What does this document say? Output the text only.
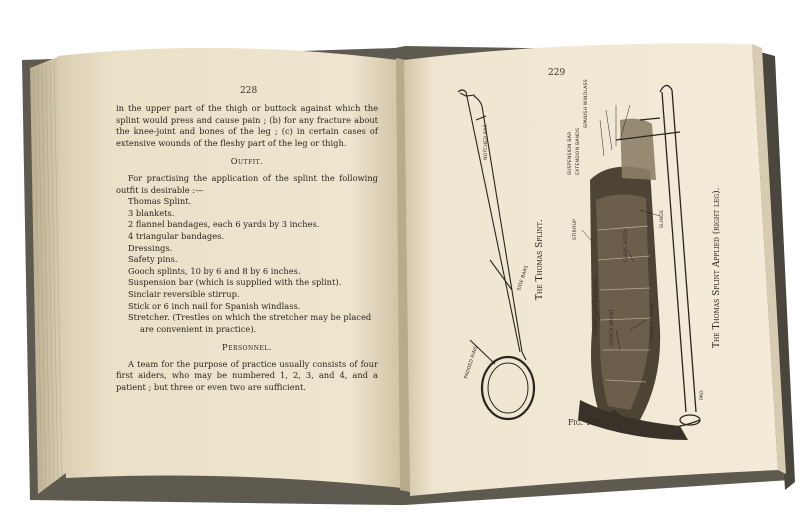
228

in the upper part of the thigh or buttock against which the splint would press and cause pain ; (b) for any fracture about the knee-joint and bones of the leg ; (c) in certain cases of extensive wounds of the fleshy part of the leg or thigh.

Outfit.

For practising the application of the splint the following outfit is desirable :—

Thomas Splint.

3 blankets.

2 flannel bandages, each 6 yards by 3 inches.

4 triangular bandages.

Dressings.

Safety pins.

Gooch splints, 10 by 6 and 8 by 6 inches.

Suspension bar (which is supplied with the splint).

Sinclair reversible stirrup.

Stick or 6 inch nail for Spanish windlass.

Stretcher. (Trestles on which the stretcher may be placed are convenient in practice).

Personnel.

A team for the purpose of practice usually consists of four first aiders, who may be numbered 1, 2, 3, and 4, and a patient ; but three or even two are sufficient.

229
The Thomas Splint.	The Thomas Splint Applied (right leg).
Fig. 105.
NOTCHED BAR
SIDE BARS
PADDED RING
SUSPENSION BAR EXTENSION BANDS
SPANISH WINDLASS
STIRRUP	CLOVE HITCH
SLINGS
TRIANGULAR BANDAGES GOOCH SPLINT	GOOCH SPLINT
PAD
